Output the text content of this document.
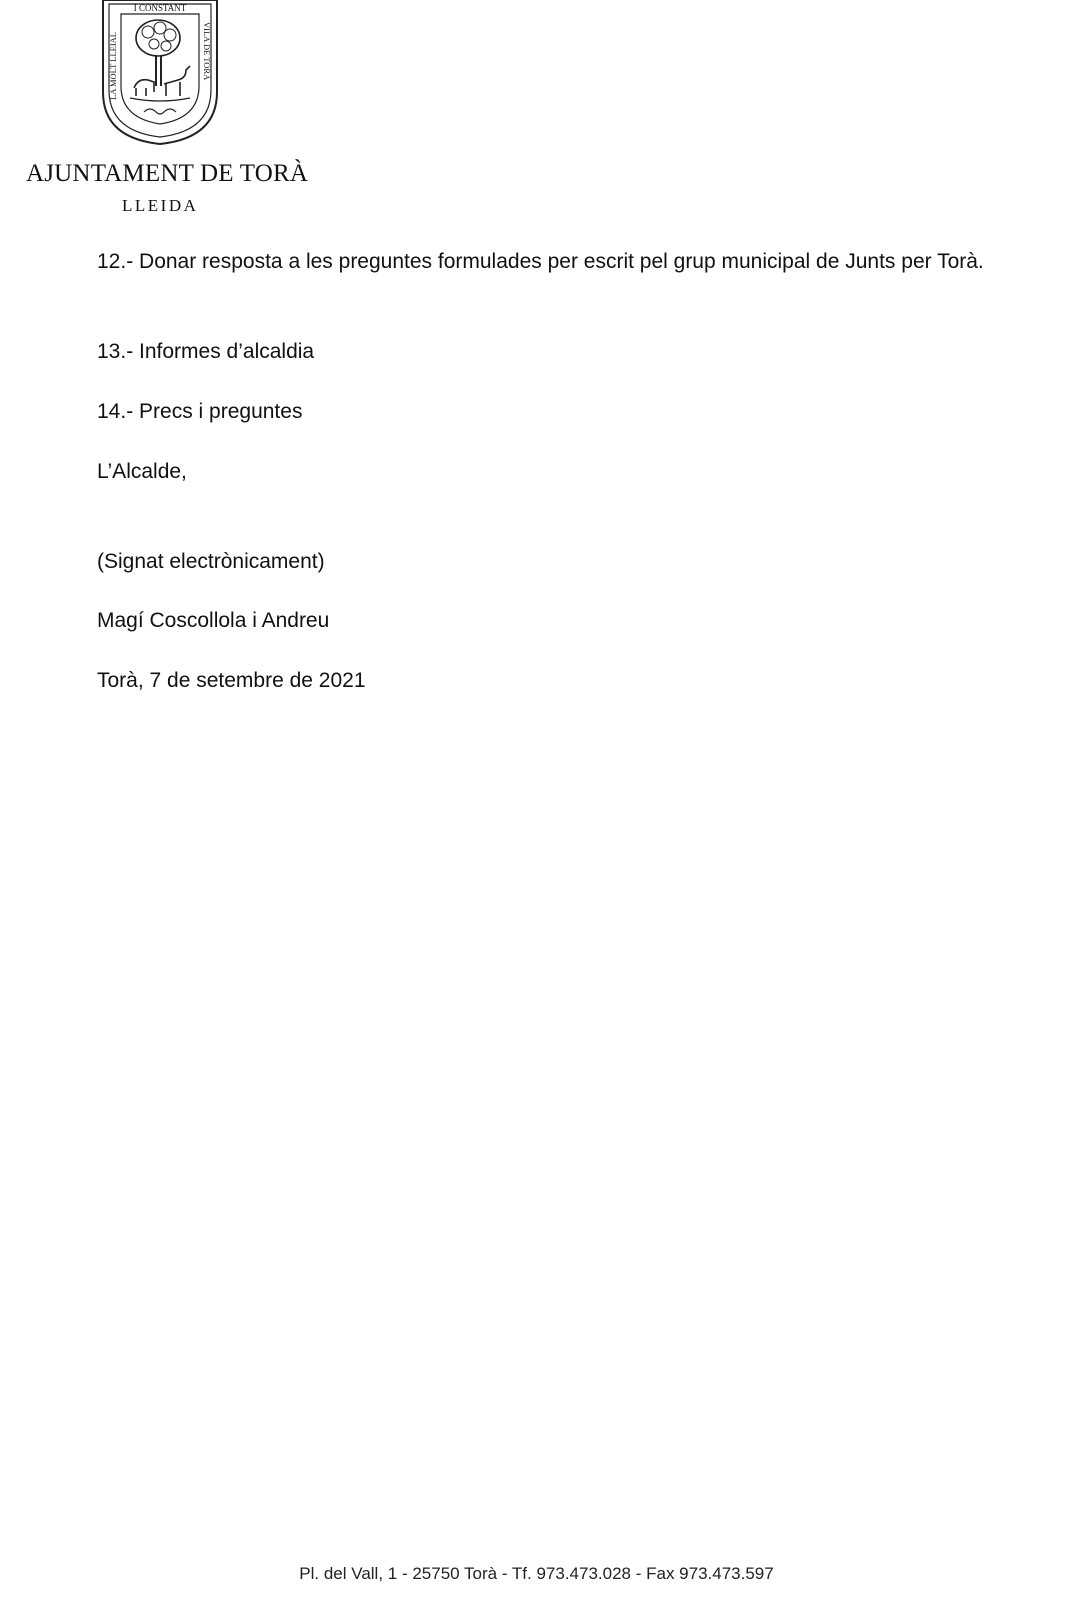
I CONSTANT
LA MOLT LLEIAL	VILA DE TORÀ
AJUNTAMENT DE TORÀ
LLEIDA

12.- Donar resposta a les preguntes formulades per escrit pel grup municipal de Junts per Torà.

13.- Informes d’alcaldia

14.- Precs i preguntes

L’Alcalde,

(Signat electrònicament)

Magí Coscollola i Andreu

Torà, 7 de setembre de 2021

Pl. del Vall, 1 - 25750 Torà - Tf. 973.473.028 - Fax 973.473.597
